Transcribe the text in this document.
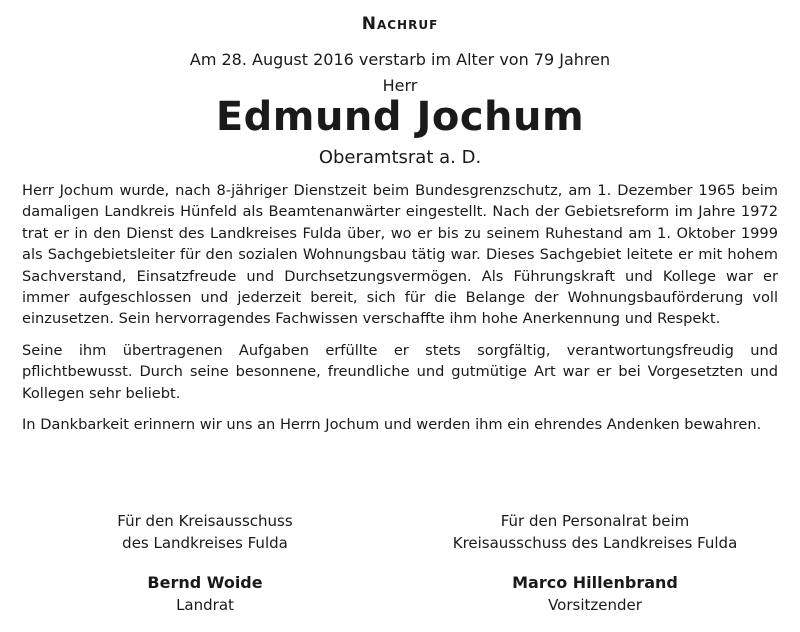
Nachruf
Am 28. August 2016 verstarb im Alter von 79 Jahren
Herr
Edmund Jochum
Oberamtsrat a. D.

Herr Jochum wurde, nach 8-jähriger Dienstzeit beim Bundesgrenzschutz, am 1. Dezember 1965 beim damaligen Landkreis Hünfeld als Beamtenanwärter eingestellt. Nach der Gebietsreform im Jahre 1972 trat er in den Dienst des Landkreises Fulda über, wo er bis zu seinem Ruhestand am 1. Oktober 1999 als Sachgebietsleiter für den sozialen Wohnungsbau tätig war. Dieses Sachgebiet leitete er mit hohem Sachverstand, Einsatzfreude und Durchsetzungsvermögen. Als Führungskraft und Kollege war er immer aufgeschlossen und jederzeit bereit, sich für die Belange der Wohnungsbauförderung voll einzusetzen. Sein hervorragendes Fachwissen verschaffte ihm hohe Anerkennung und Respekt.

Seine ihm übertragenen Aufgaben erfüllte er stets sorgfältig, verantwortungsfreudig und pflichtbewusst. Durch seine besonnene, freundliche und gutmütige Art war er bei Vorgesetzten und Kollegen sehr beliebt.

In Dankbarkeit erinnern wir uns an Herrn Jochum und werden ihm ein ehrendes Andenken bewahren.

Für den Kreisausschuss
des Landkreises Fulda
Bernd Woide
Landrat
Für den Personalrat beim
Kreisausschuss des Landkreises Fulda
Marco Hillenbrand
Vorsitzender
